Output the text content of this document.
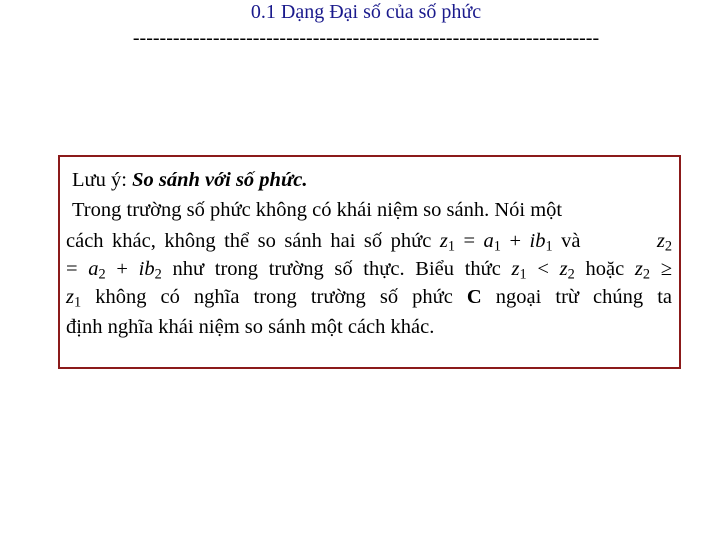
0.1 Dạng Đại số của số phức
----------------------------------------------------------------------
Lưu ý: So sánh với số phức.
Trong trường số phức không có khái niệm so sánh. Nói một
cách khác, không thể so sánh hai số phức $z_1 = a_1 + ib_1$ và	$z_2$
= $a_2 + ib_2$ như trong trường số thực. Biểu thức $z_1 < z_2$ hoặc $z_2$ ≥
$z_1$ không có nghĩa trong trường số phức C ngoại trừ chúng ta
định nghĩa khái niệm so sánh một cách khác.
